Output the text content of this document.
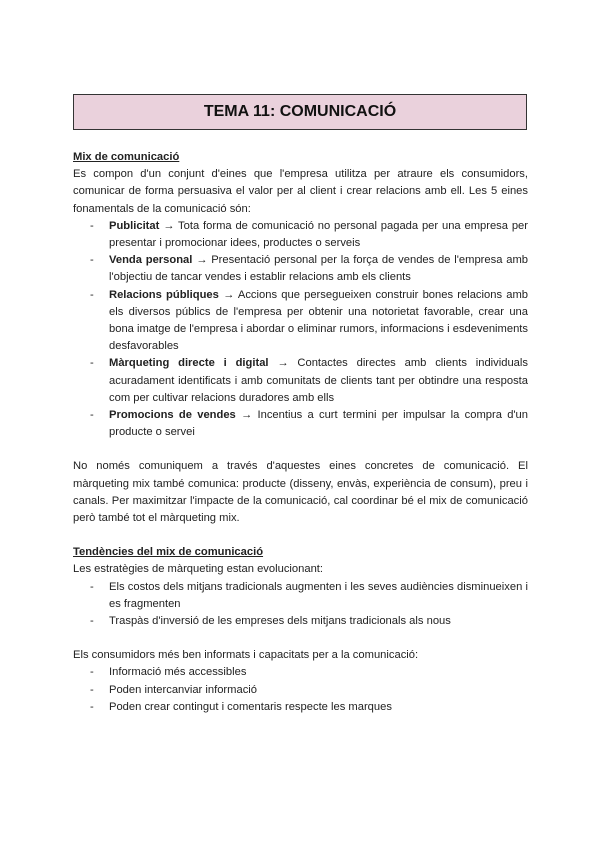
TEMA 11: COMUNICACIÓ
Mix de comunicació

Es compon d'un conjunt d'eines que l'empresa utilitza per atraure els consumidors, comunicar de forma persuasiva el valor per al client i crear relacions amb ell. Les 5 eines fonamentals de la comunicació són:

- Publicitat → Tota forma de comunicació no personal pagada per una empresa per presentar i promocionar idees, productes o serveis
- Venda personal → Presentació personal per la força de vendes de l'empresa amb l'objectiu de tancar vendes i establir relacions amb els clients
- Relacions públiques → Accions que persegueixen construir bones relacions amb els diversos públics de l'empresa per obtenir una notorietat favorable, crear una bona imatge de l'empresa i abordar o eliminar rumors, informacions i esdeveniments desfavorables
- Màrqueting directe i digital → Contactes directes amb clients individuals acuradament identificats i amb comunitats de clients tant per obtindre una resposta com per cultivar relacions duradores amb ells
- Promocions de vendes → Incentius a curt termini per impulsar la compra d'un producte o servei

No només comuniquem a través d'aquestes eines concretes de comunicació. El màrqueting mix també comunica: producte (disseny, envàs, experiència de consum), preu i canals. Per maximitzar l'impacte de la comunicació, cal coordinar bé el mix de comunicació però també tot el màrqueting mix.

Tendències del mix de comunicació

Les estratègies de màrqueting estan evolucionant:

- Els costos dels mitjans tradicionals augmenten i les seves audiències disminueixen i es fragmenten
- Traspàs d'inversió de les empreses dels mitjans tradicionals als nous

Els consumidors més ben informats i capacitats per a la comunicació:

- Informació més accessibles
- Poden intercanviar informació
- Poden crear contingut i comentaris respecte les marques
